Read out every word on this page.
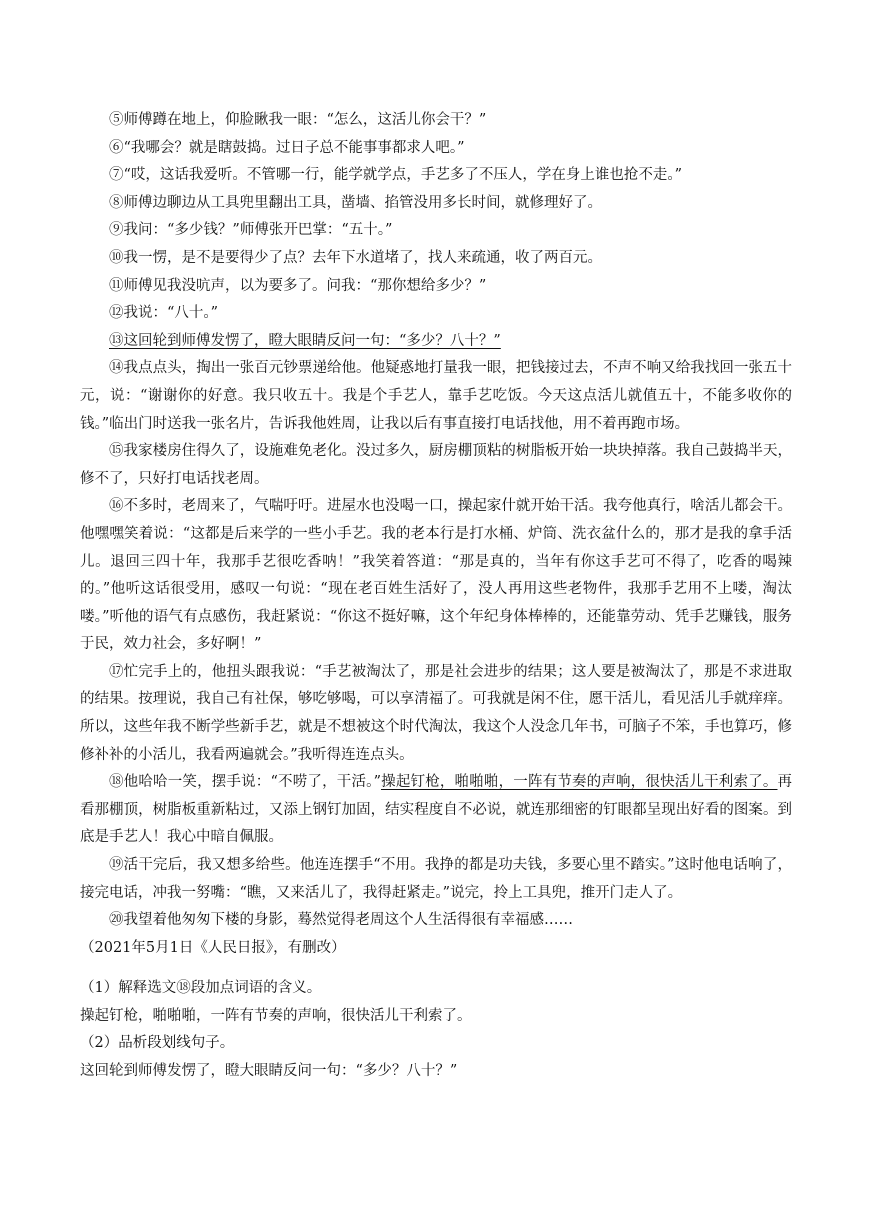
⑤师傅蹲在地上，仰脸瞅我一眼：“怎么，这活儿你会干？”

⑥“我哪会？就是瞎鼓捣。过日子总不能事事都求人吧。”

⑦“哎，这话我爱听。不管哪一行，能学就学点，手艺多了不压人，学在身上谁也抢不走。”

⑧师傅边聊边从工具兜里翻出工具，凿墙、掐管没用多长时间，就修理好了。

⑨我问：“多少钱？”师傅张开巴掌：“五十。”

⑩我一愣，是不是要得少了点？去年下水道堵了，找人来疏通，收了两百元。

⑪师傅见我没吭声，以为要多了。问我：“那你想给多少？”

⑫我说：“八十。”

⑬这回轮到师傅发愣了，瞪大眼睛反问一句：“多少？八十？”

⑭我点点头，掏出一张百元钞票递给他。他疑惑地打量我一眼，把钱接过去，不声不响又给我找回一张五十元，说：“谢谢你的好意。我只收五十。我是个手艺人，靠手艺吃饭。今天这点活儿就值五十，不能多收你的钱。”临出门时送我一张名片，告诉我他姓周，让我以后有事直接打电话找他，用不着再跑市场。

⑮我家楼房住得久了，设施难免老化。没过多久，厨房棚顶粘的树脂板开始一块块掉落。我自己鼓捣半天，修不了，只好打电话找老周。

⑯不多时，老周来了，气喘吁吁。进屋水也没喝一口，操起家什就开始干活。我夸他真行，啥活儿都会干。他嘿嘿笑着说：“这都是后来学的一些小手艺。我的老本行是打水桶、炉筒、洗衣盆什么的，那才是我的拿手活儿。退回三四十年，我那手艺很吃香呐！”我笑着答道：“那是真的，当年有你这手艺可不得了，吃香的喝辣的。”他听这话很受用，感叹一句说：“现在老百姓生活好了，没人再用这些老物件，我那手艺用不上喽，淘汰喽。”听他的语气有点感伤，我赶紧说：“你这不挺好嘛，这个年纪身体棒棒的，还能靠劳动、凭手艺赚钱，服务于民，效力社会，多好啊！”

⑰忙完手上的，他扭头跟我说：“手艺被淘汰了，那是社会进步的结果；这人要是被淘汰了，那是不求进取的结果。按理说，我自己有社保，够吃够喝，可以享清福了。可我就是闲不住，愿干活儿，看见活儿手就痒痒。所以，这些年我不断学些新手艺，就是不想被这个时代淘汰，我这个人没念几年书，可脑子不笨，手也算巧，修修补补的小活儿，我看两遍就会。”我听得连连点头。

⑱他哈哈一笑，摆手说：“不唠了，干活。”操起钉枪，啪啪啪，一阵有节奏的声响，很快活儿干利索了。再看那棚顶，树脂板重新粘过，又添上钢钉加固，结实程度自不必说，就连那细密的钉眼都呈现出好看的图案。到底是手艺人！我心中暗自佩服。

⑲活干完后，我又想多给些。他连连摆手“不用。我挣的都是功夫钱，多要心里不踏实。”这时他电话响了，接完电话，冲我一努嘴：“瞧，又来活儿了，我得赶紧走。”说完，拎上工具兜，推开门走人了。

⑳我望着他匆匆下楼的身影，蓦然觉得老周这个人生活得很有幸福感……

（2021年5月1日《人民日报》，有删改）

（1）解释选文⑱段加点词语的含义。

操起钉枪，啪啪啪，一阵有节奏的声响，很快活儿干利索了。

（2）品析段划线句子。

这回轮到师傅发愣了，瞪大眼睛反问一句：“多少？八十？”
